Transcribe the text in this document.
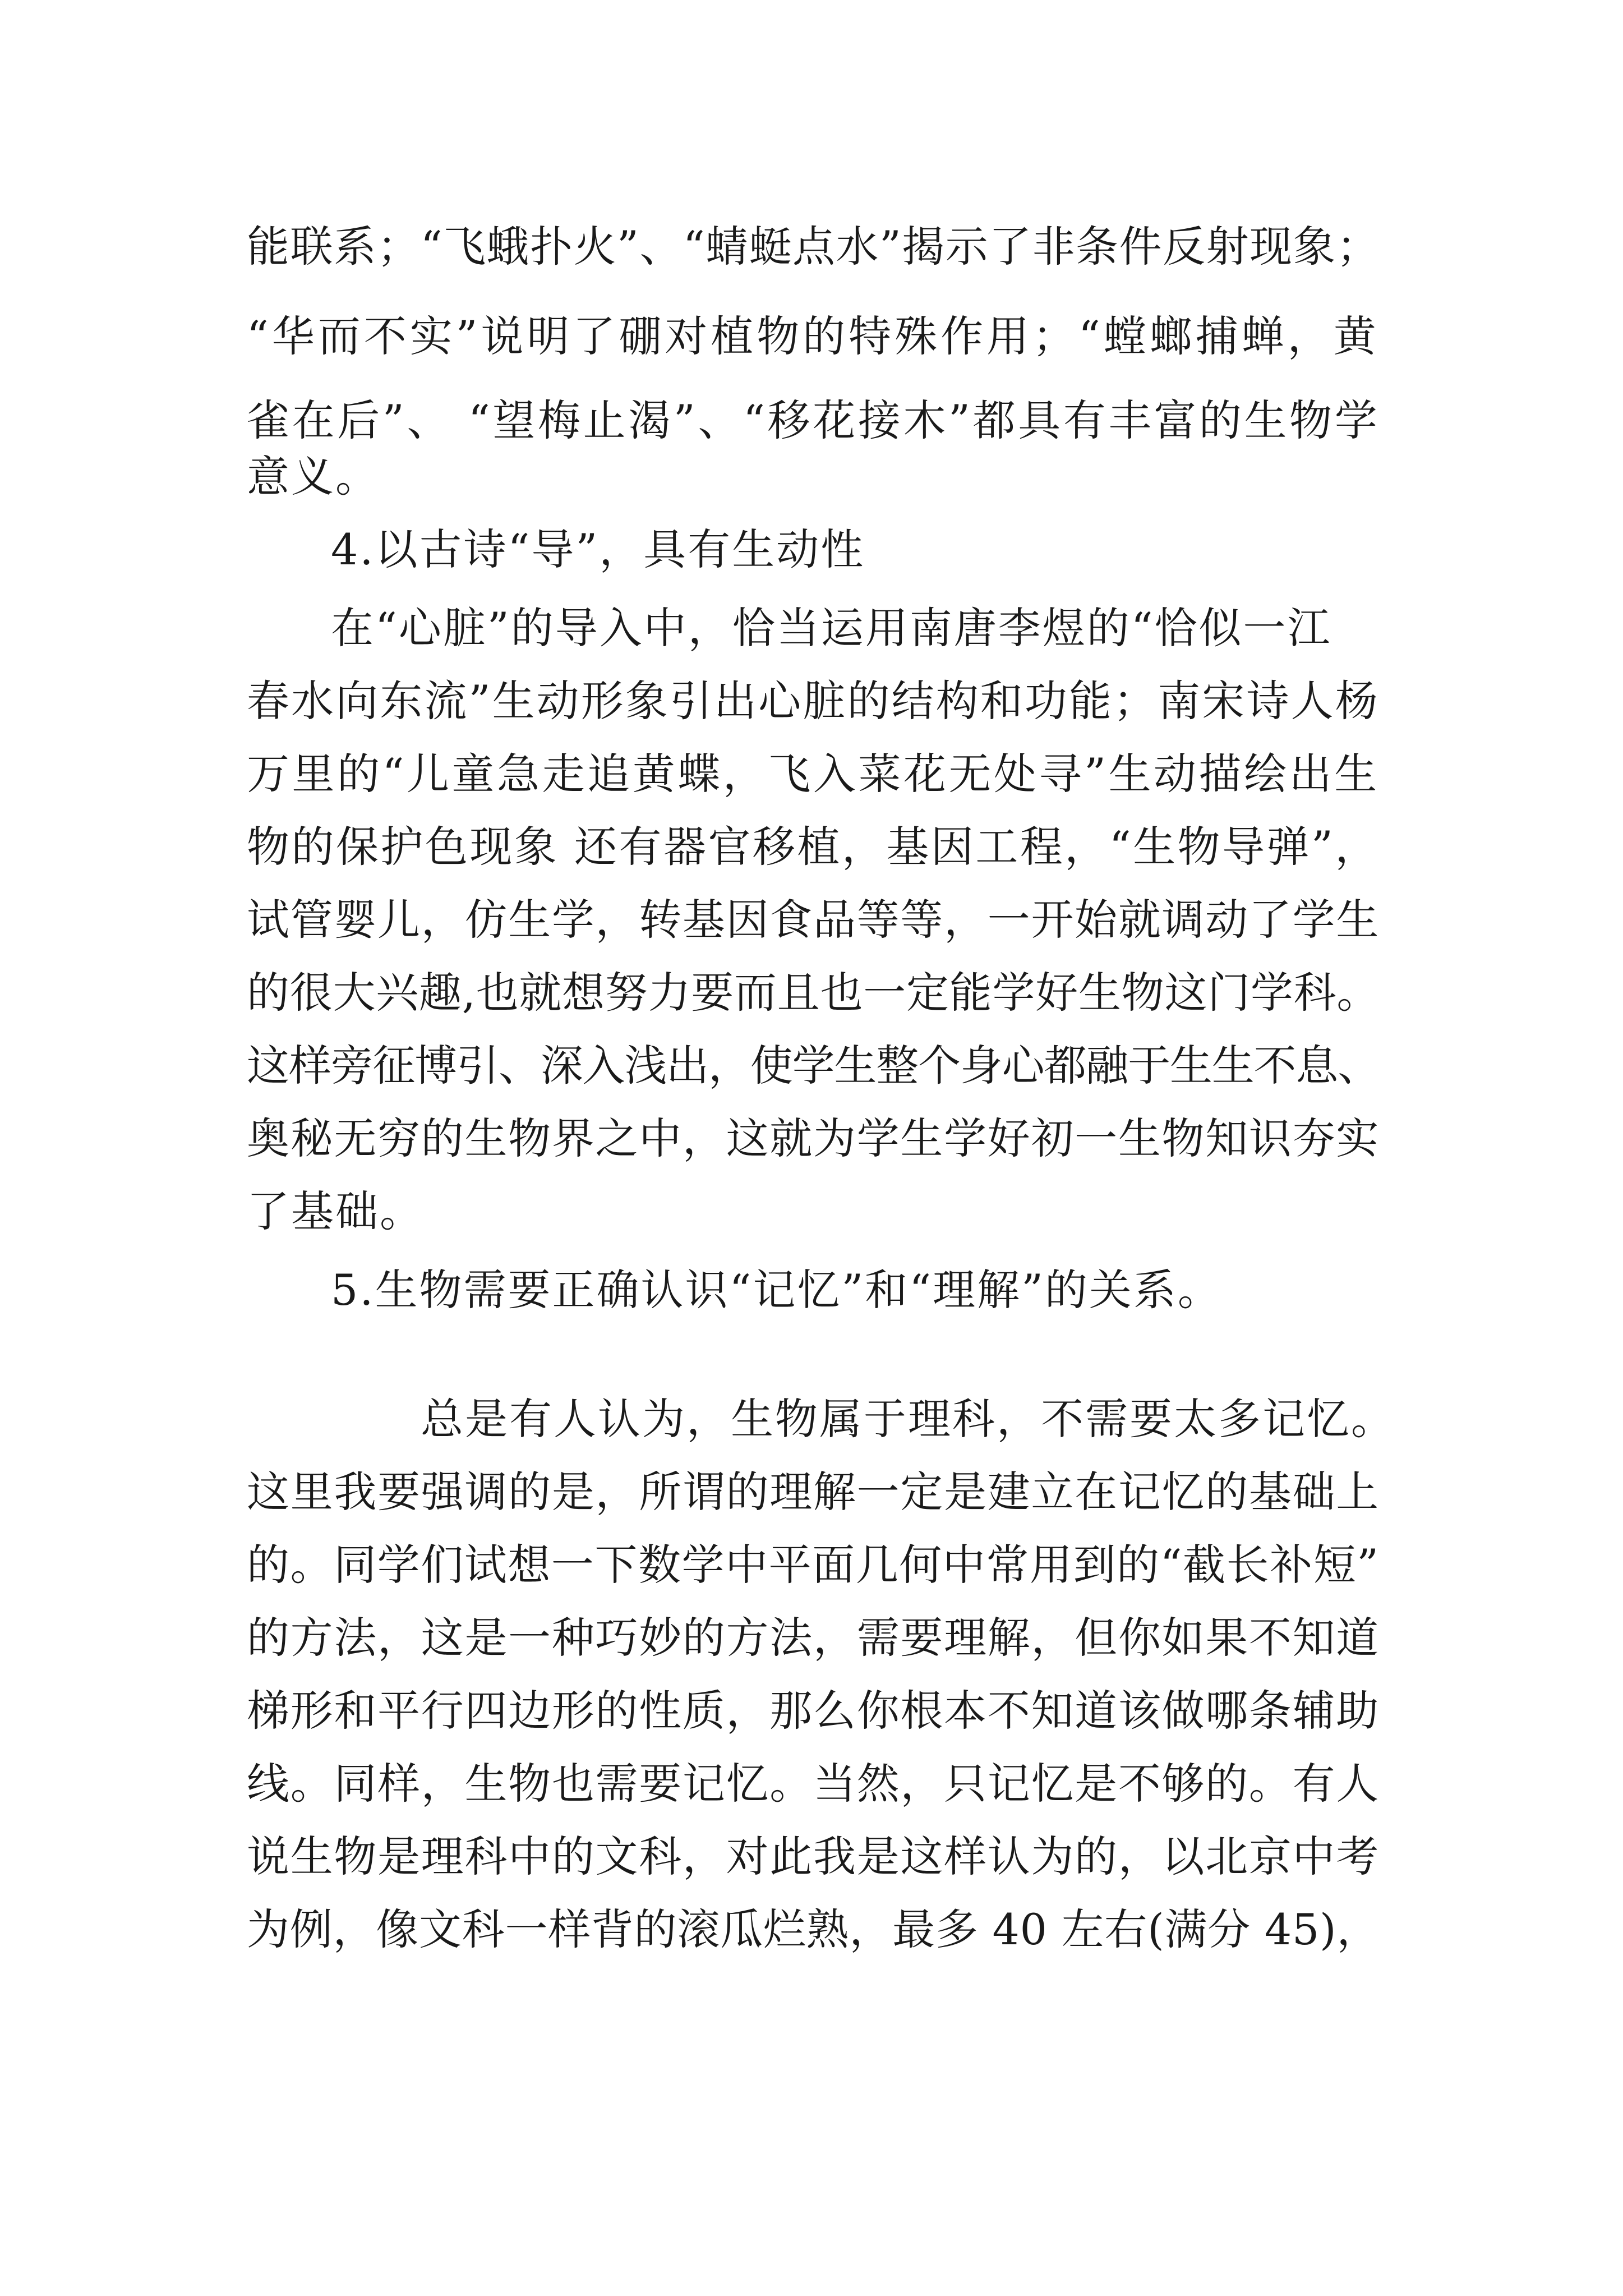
能联系；“飞蛾扑火”、“蜻蜓点水”揭示了非条件反射现象；
“华而不实”说明了硼对植物的特殊作用；“螳螂捕蝉，黄
雀在后”、 “望梅止渴”、“移花接木”都具有丰富的生物学
意义。
4.以古诗“导”，具有生动性
在“心脏”的导入中，恰当运用南唐李煜的“恰似一江
春水向东流”生动形象引出心脏的结构和功能；南宋诗人杨
万里的“儿童急走追黄蝶，飞入菜花无处寻”生动描绘出生
物的保护色现象 还有器官移植，基因工程，“生物导弹”，
试管婴儿，仿生学，转基因食品等等，一开始就调动了学生
的很大兴趣,也就想努力要而且也一定能学好生物这门学科。
这样旁征博引、深入浅出，使学生整个身心都融于生生不息、
奥秘无穷的生物界之中，这就为学生学好初一生物知识夯实
了基础。
5.生物需要正确认识“记忆”和“理解”的关系。
总是有人认为，生物属于理科，不需要太多记忆。
这里我要强调的是，所谓的理解一定是建立在记忆的基础上
的。同学们试想一下数学中平面几何中常用到的“截长补短”
的方法，这是一种巧妙的方法，需要理解，但你如果不知道
梯形和平行四边形的性质，那么你根本不知道该做哪条辅助
线。同样，生物也需要记忆。当然，只记忆是不够的。有人
说生物是理科中的文科，对此我是这样认为的，以北京中考
为例，像文科一样背的滚瓜烂熟，最多 40 左右(满分 45)，
